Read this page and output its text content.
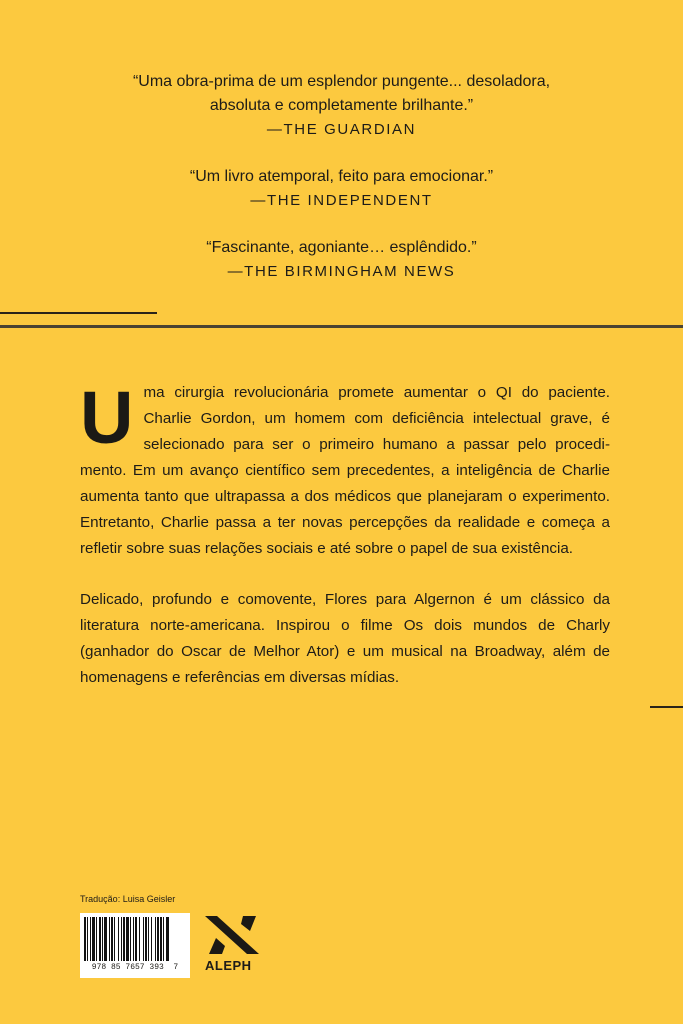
“Uma obra-prima de um esplendor pungente... desoladora,
absoluta e completamente brilhante.”
—THE GUARDIAN
“Um livro atemporal, feito para emocionar.”
—THE INDEPENDENT
“Fascinante, agoniante… esplêndido.”
—THE BIRMINGHAM NEWS

Uma cirurgia revolucionária promete aumentar o QI do paciente. Charlie Gordon, um homem com deficiência intelectual grave, é selecionado para ser o primeiro humano a passar pelo procedimento. Em um avanço científico sem precedentes, a inteligência de Charlie aumenta tanto que ultrapassa a dos médicos que planejaram o experimento. Entretanto, Charlie passa a ter novas percepções da realidade e começa a refletir sobre suas relações sociais e até sobre o papel de sua existência.

Delicado, profundo e comovente, Flores para Algernon é um clássico da literatura norte-americana. Inspirou o filme Os dois mundos de Charly (ganhador do Oscar de Melhor Ator) e um musical na Broadway, além de homenagens e referências em diversas mídias.

Tradução: Luisa Geisler
978 85 7657 393  7	ALEPH
